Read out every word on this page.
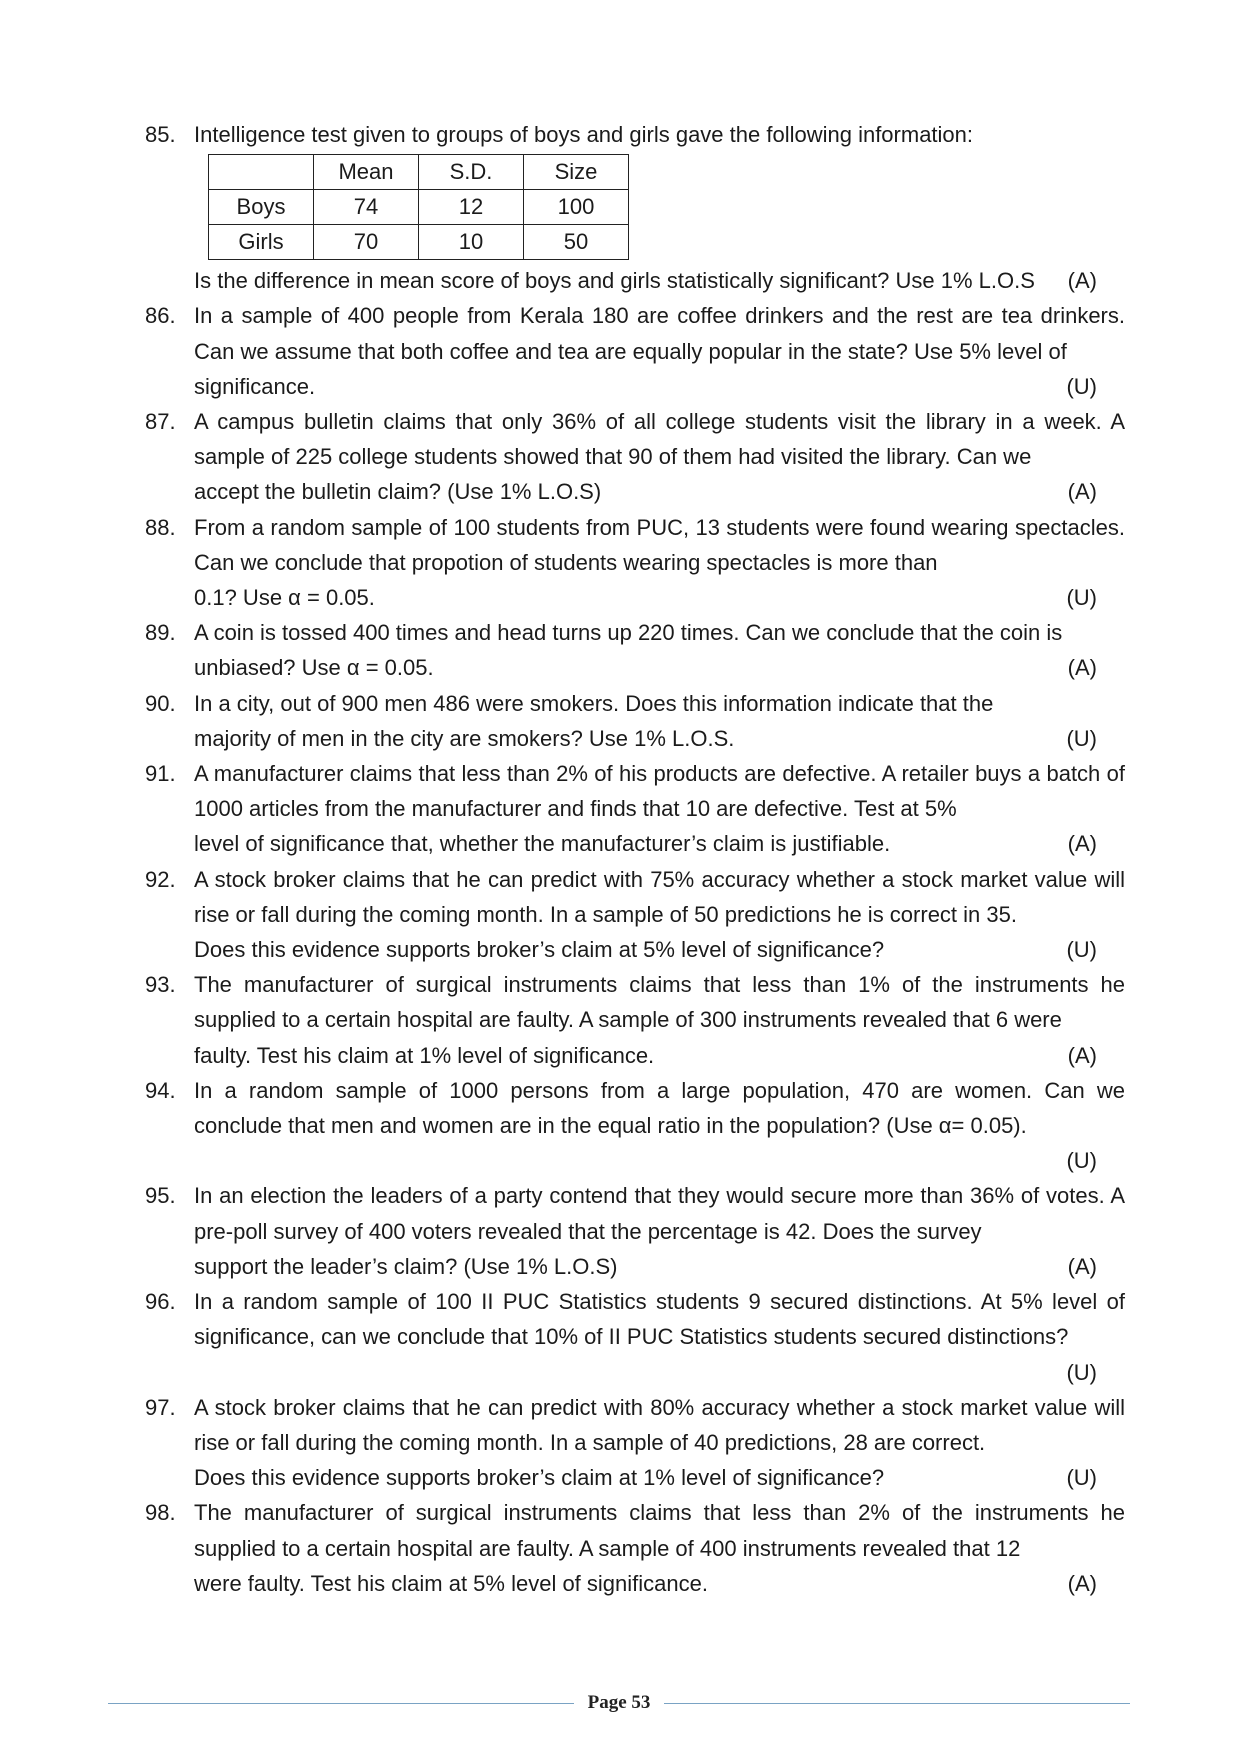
85. Intelligence test given to groups of boys and girls gave the following information:
	Mean	S.D.	Size
Boys	74	12	100
Girls	70	10	50
Is the difference in mean score of boys and girls statistically significant? Use 1% L.O.S (A)
86. In a sample of 400 people from Kerala 180 are coffee drinkers and the rest are tea drinkers. Can we assume that both coffee and tea are equally popular in the state? Use 5% level of
significance.	(U)
87. A campus bulletin claims that only 36% of all college students visit the library in a week. A sample of 225 college students showed that 90 of them had visited the library. Can we
accept the bulletin claim? (Use 1% L.O.S)	(A)
88. From a random sample of 100 students from PUC, 13 students were found wearing spectacles. Can we conclude that propotion of students wearing spectacles is more than
0.1? Use α = 0.05.	(U)
89. A coin is tossed 400 times and head turns up 220 times. Can we conclude that the coin is
unbiased? Use α = 0.05.	(A)
90. In a city, out of 900 men 486 were smokers. Does this information indicate that the
majority of men in the city are smokers? Use 1% L.O.S.	(U)
91. A manufacturer claims that less than 2% of his products are defective. A retailer buys a batch of 1000 articles from the manufacturer and finds that 10 are defective. Test at 5%
level of significance that, whether the manufacturer’s claim is justifiable.	(A)
92. A stock broker claims that he can predict with 75% accuracy whether a stock market value will rise or fall during the coming month. In a sample of 50 predictions he is correct in 35.
Does this evidence supports broker’s claim at 5% level of significance?	(U)
93. The manufacturer of surgical instruments claims that less than 1% of the instruments he supplied to a certain hospital are faulty. A sample of 300 instruments revealed that 6 were
faulty. Test his claim at 1% level of significance.	(A)
94. In a random sample of 1000 persons from a large population, 470 are women. Can we conclude that men and women are in the equal ratio in the population? (Use α= 0.05).
(U)
95. In an election the leaders of a party contend that they would secure more than 36% of votes. A pre-poll survey of 400 voters revealed that the percentage is 42. Does the survey
support the leader’s claim? (Use 1% L.O.S)	(A)
96. In a random sample of 100 II PUC Statistics students 9 secured distinctions. At 5% level of significance, can we conclude that 10% of II PUC Statistics students secured distinctions?
(U)
97. A stock broker claims that he can predict with 80% accuracy whether a stock market value will rise or fall during the coming month. In a sample of 40 predictions, 28 are correct.
Does this evidence supports broker’s claim at 1% level of significance?	(U)
98. The manufacturer of surgical instruments claims that less than 2% of the instruments he supplied to a certain hospital are faulty. A sample of 400 instruments revealed that 12
were faulty. Test his claim at 5% level of significance.	(A)
Page 53
